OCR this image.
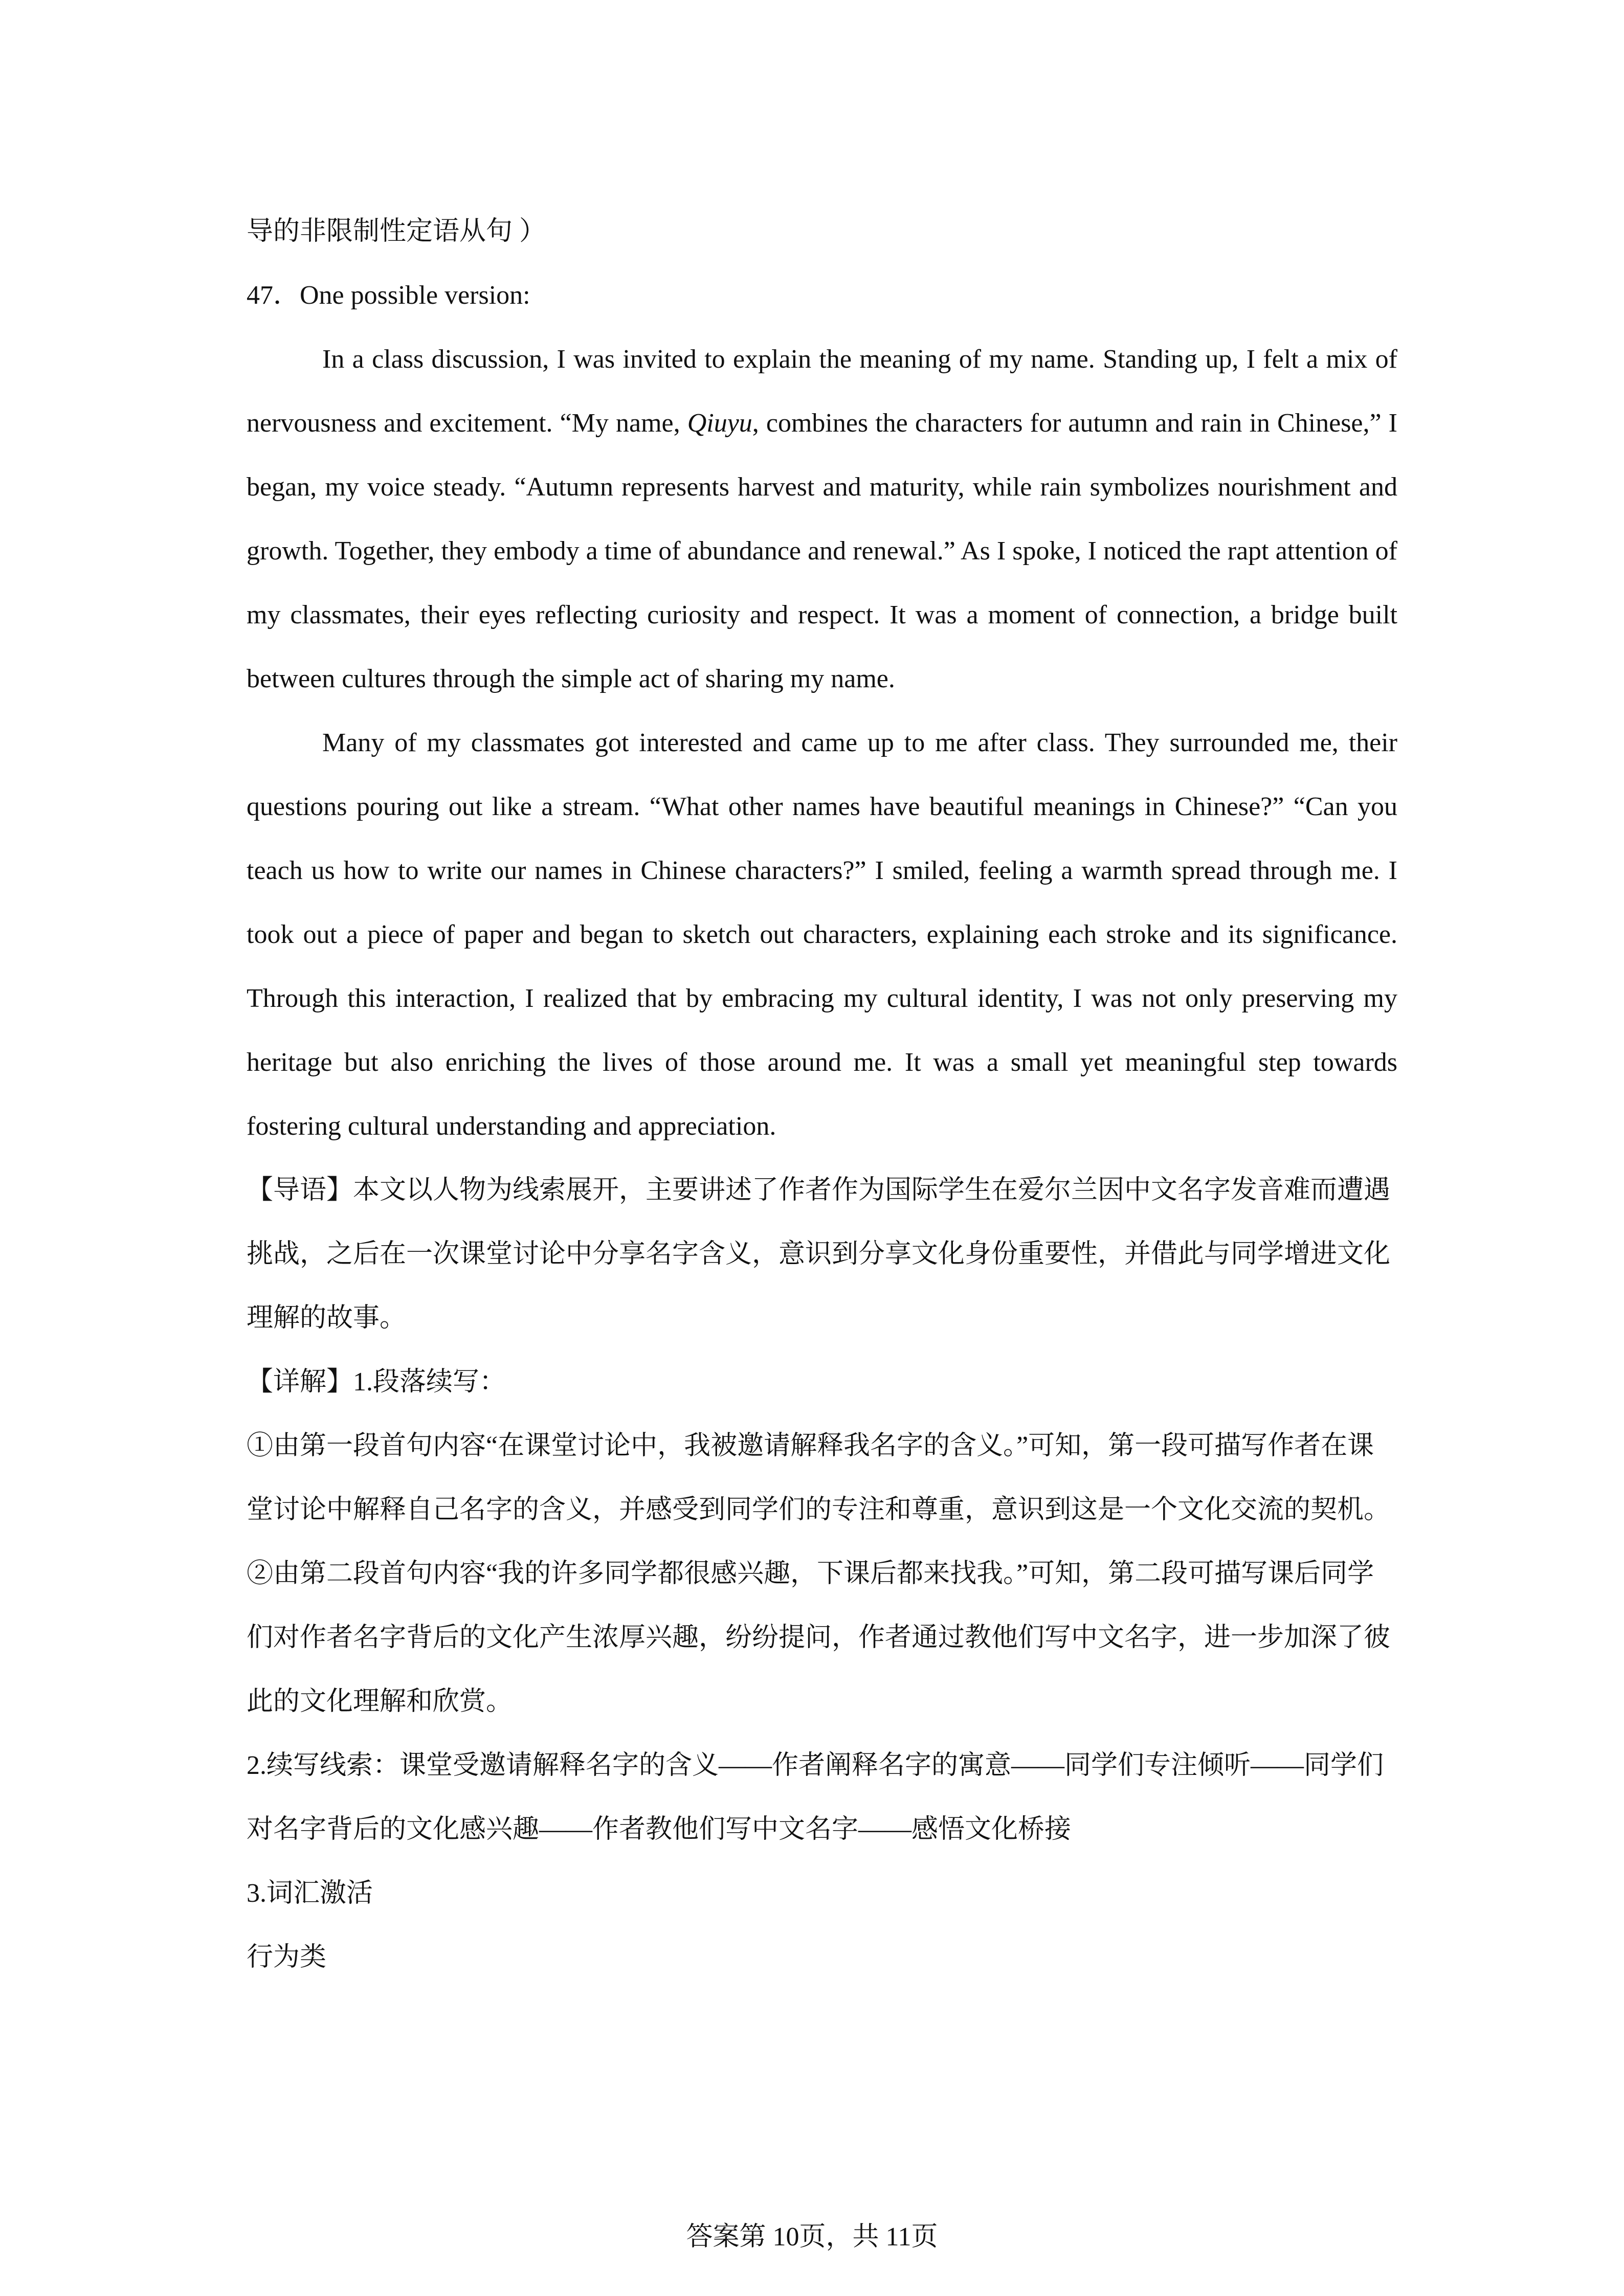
导的非限制性定语从句 ）

47．One possible version:

In a class discussion, I was invited to explain the meaning of my name. Standing up, I felt a mix of nervousness and excitement. “My name, Qiuyu, combines the characters for autumn and rain in Chinese,” I began, my voice steady. “Autumn represents harvest and maturity, while rain symbolizes nourishment and growth. Together, they embody a time of abundance and renewal.” As I spoke, I noticed the rapt attention of my classmates, their eyes reflecting curiosity and respect. It was a moment of connection, a bridge built between cultures through the simple act of sharing my name.

Many of my classmates got interested and came up to me after class. They surrounded me, their questions pouring out like a stream. “What other names have beautiful meanings in Chinese?” “Can you teach us how to write our names in Chinese characters?” I smiled, feeling a warmth spread through me. I took out a piece of paper and began to sketch out characters, explaining each stroke and its significance. Through this interaction, I realized that by embracing my cultural identity, I was not only preserving my heritage but also enriching the lives of those around me. It was a small yet meaningful step towards fostering cultural understanding and appreciation.

【导语】本文以人物为线索展开，主要讲述了作者作为国际学生在爱尔兰因中文名字发音难而遭遇挑战，之后在一次课堂讨论中分享名字含义，意识到分享文化身份重要性，并借此与同学增进文化理解的故事。

【详解】1.段落续写：

①由第一段首句内容“在课堂讨论中，我被邀请解释我名字的含义。”可知，第一段可描写作者在课堂讨论中解释自己名字的含义，并感受到同学们的专注和尊重，意识到这是一个文化交流的契机。

②由第二段首句内容“我的许多同学都很感兴趣，下课后都来找我。”可知，第二段可描写课后同学们对作者名字背后的文化产生浓厚兴趣，纷纷提问，作者通过教他们写中文名字，进一步加深了彼此的文化理解和欣赏。

2.续写线索：课堂受邀请解释名字的含义——作者阐释名字的寓意——同学们专注倾听——同学们对名字背后的文化感兴趣——作者教他们写中文名字——感悟文化桥接

3.词汇激活

行为类

答案第 10页，共 11页
